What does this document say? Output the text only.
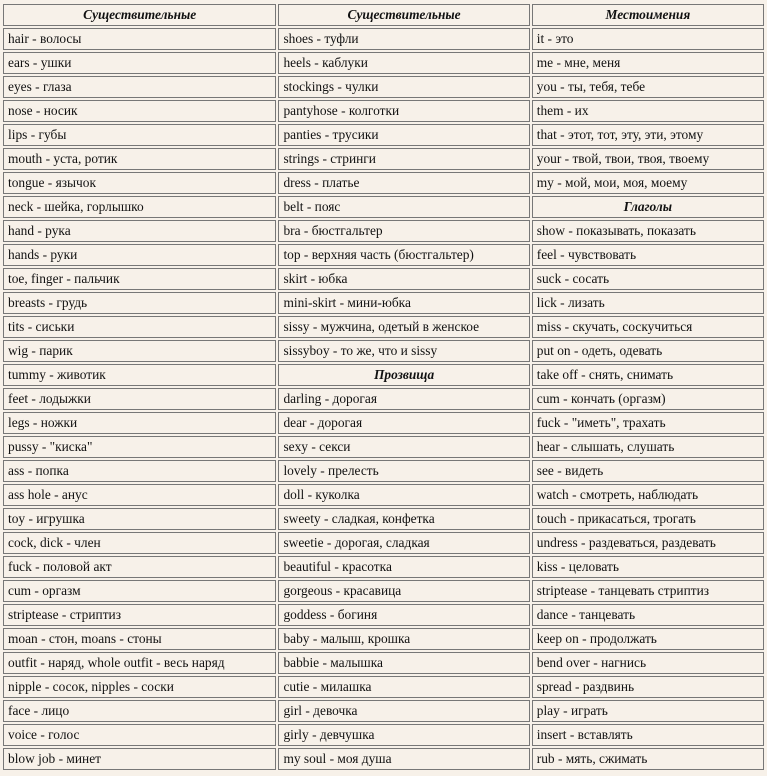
Существительные	Существительные	Местоимения
hair - волосы	shoes - туфли	it - это
ears - ушки	heels - каблуки	me - мне, меня
eyes - глаза	stockings - чулки	you - ты, тебя, тебе
nose - носик	pantyhose - колготки	them - их
lips - губы	panties - трусики	that - этот, тот, эту, эти, этому
mouth - уста, ротик	strings - стринги	your - твой, твои, твоя, твоему
tongue - язычок	dress - платье	my - мой, мои, моя, моему
neck - шейка, горлышко	belt - пояс	Глаголы
hand - рука	bra - бюстгальтер	show - показывать, показать
hands - руки	top - верхняя часть (бюстгальтер)	feel - чувствовать
toe, finger - пальчик	skirt - юбка	suck - сосать
breasts - грудь	mini-skirt - мини-юбка	lick - лизать
tits - сиськи	sissy - мужчина, одетый в женское	miss - скучать, соскучиться
wig - парик	sissyboy - то же, что и sissy	put on - одеть, одевать
tummy - животик	Прозвища	take off - снять, снимать
feet - лодыжки	darling - дорогая	cum - кончать (оргазм)
legs - ножки	dear - дорогая	fuck - "иметь", трахать
pussy - "киска"	sexy - секси	hear - слышать, слушать
ass - попка	lovely - прелесть	see - видеть
ass hole - анус	doll - куколка	watch - смотреть, наблюдать
toy - игрушка	sweety - сладкая, конфетка	touch - прикасаться, трогать
cock, dick - член	sweetie - дорогая, сладкая	undress - раздеваться, раздевать
fuck - половой акт	beautiful - красотка	kiss - целовать
cum - оргазм	gorgeous - красавица	striptease - танцевать стриптиз
striptease - стриптиз	goddess - богиня	dance - танцевать
moan - стон, moans - стоны	baby - малыш, крошка	keep on - продолжать
outfit - наряд, whole outfit - весь наряд	babbie - малышка	bend over - нагнись
nipple - сосок, nipples - соски	cutie - милашка	spread - раздвинь
face - лицо	girl - девочка	play - играть
voice - голос	girly - девчушка	insert - вставлять
blow job - минет	my soul - моя душа	rub - мять, сжимать
